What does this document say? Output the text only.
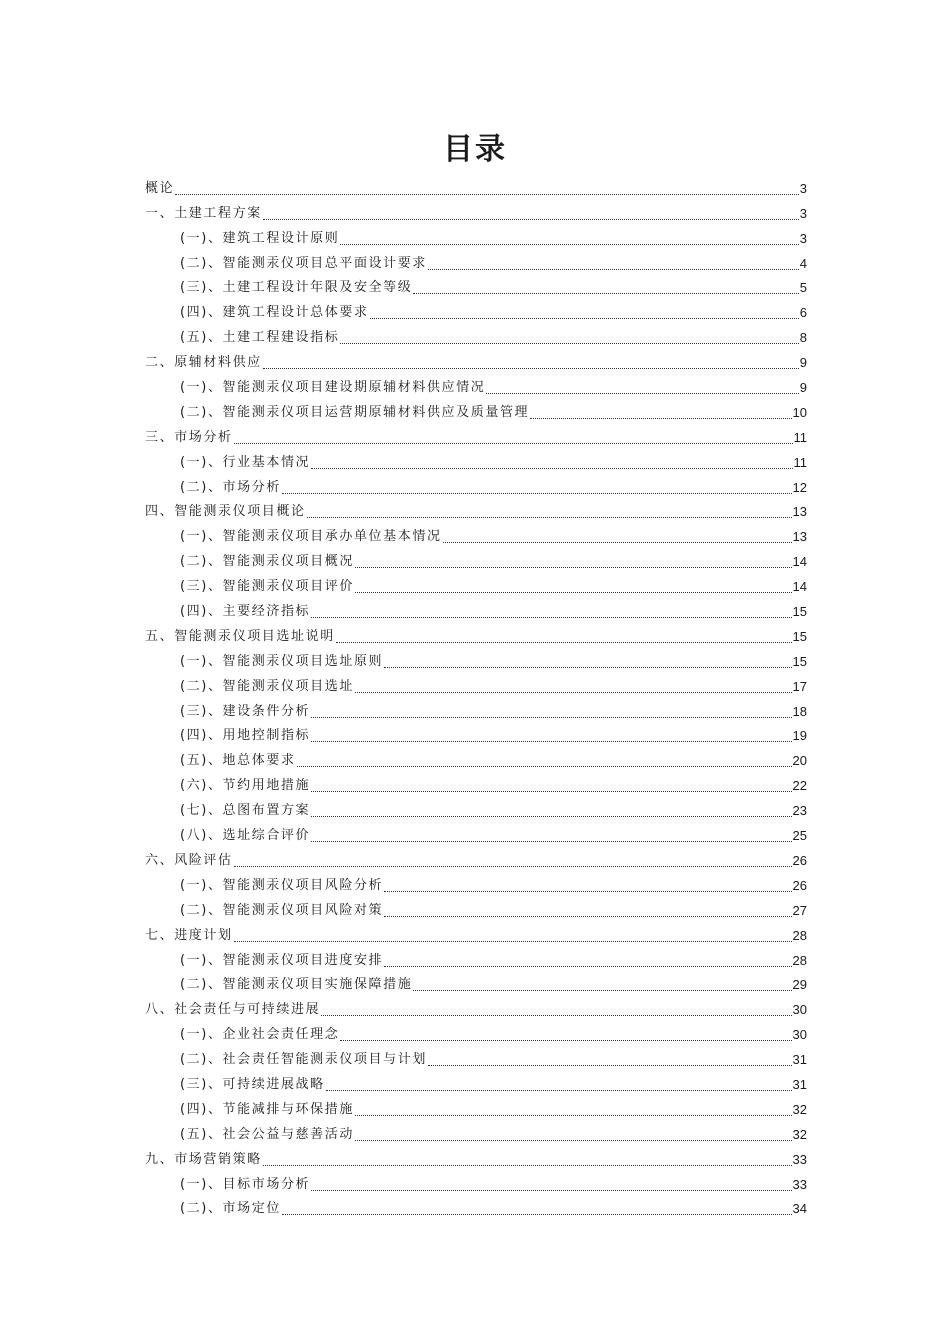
目录
概论	3
一、土建工程方案	3
(一)、建筑工程设计原则	3
(二)、智能测汞仪项目总平面设计要求	4
(三)、土建工程设计年限及安全等级	5
(四)、建筑工程设计总体要求	6
(五)、土建工程建设指标	8
二、原辅材料供应	9
(一)、智能测汞仪项目建设期原辅材料供应情况	9
(二)、智能测汞仪项目运营期原辅材料供应及质量管理	10
三、市场分析	11
(一)、行业基本情况	11
(二)、市场分析	12
四、智能测汞仪项目概论	13
(一)、智能测汞仪项目承办单位基本情况	13
(二)、智能测汞仪项目概况	14
(三)、智能测汞仪项目评价	14
(四)、主要经济指标	15
五、智能测汞仪项目选址说明	15
(一)、智能测汞仪项目选址原则	15
(二)、智能测汞仪项目选址	17
(三)、建设条件分析	18
(四)、用地控制指标	19
(五)、地总体要求	20
(六)、节约用地措施	22
(七)、总图布置方案	23
(八)、选址综合评价	25
六、风险评估	26
(一)、智能测汞仪项目风险分析	26
(二)、智能测汞仪项目风险对策	27
七、进度计划	28
(一)、智能测汞仪项目进度安排	28
(二)、智能测汞仪项目实施保障措施	29
八、社会责任与可持续进展	30
(一)、企业社会责任理念	30
(二)、社会责任智能测汞仪项目与计划	31
(三)、可持续进展战略	31
(四)、节能减排与环保措施	32
(五)、社会公益与慈善活动	32
九、市场营销策略	33
(一)、目标市场分析	33
(二)、市场定位	34
